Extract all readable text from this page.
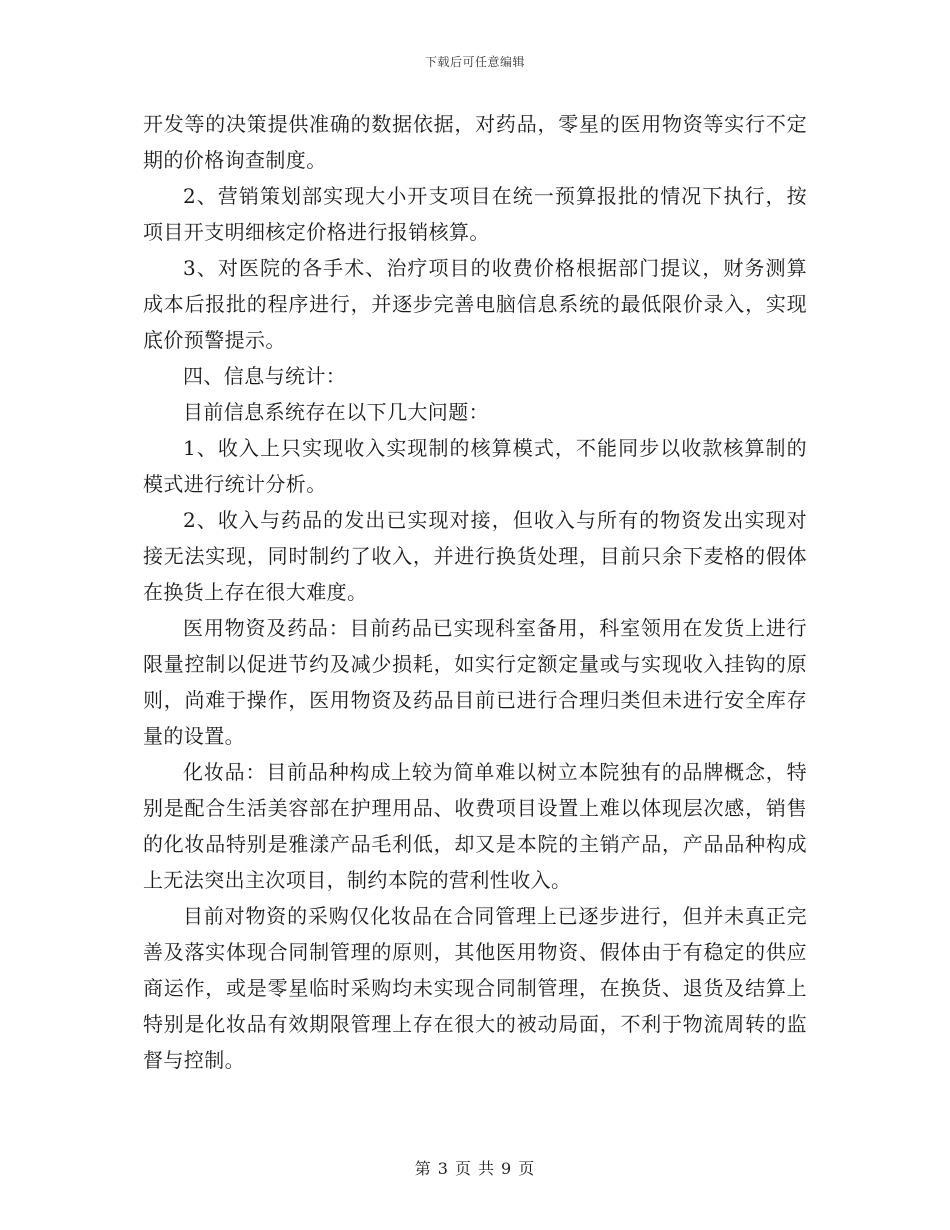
下载后可任意编辑

开发等的决策提供准确的数据依据，对药品，零星的医用物资等实行不定期的价格询查制度。

2、营销策划部实现大小开支项目在统一预算报批的情况下执行，按项目开支明细核定价格进行报销核算。

3、对医院的各手术、治疗项目的收费价格根据部门提议，财务测算成本后报批的程序进行，并逐步完善电脑信息系统的最低限价录入，实现底价预警提示。

四、信息与统计：

目前信息系统存在以下几大问题：

1、收入上只实现收入实现制的核算模式，不能同步以收款核算制的模式进行统计分析。

2、收入与药品的发出已实现对接，但收入与所有的物资发出实现对接无法实现，同时制约了收入，并进行换货处理，目前只余下麦格的假体在换货上存在很大难度。

医用物资及药品：目前药品已实现科室备用，科室领用在发货上进行限量控制以促进节约及减少损耗，如实行定额定量或与实现收入挂钩的原则，尚难于操作，医用物资及药品目前已进行合理归类但未进行安全库存量的设置。

化妆品：目前品种构成上较为简单难以树立本院独有的品牌概念，特别是配合生活美容部在护理用品、收费项目设置上难以体现层次感，销售的化妆品特别是雅漾产品毛利低，却又是本院的主销产品，产品品种构成上无法突出主次项目，制约本院的营利性收入。

目前对物资的采购仅化妆品在合同管理上已逐步进行，但并未真正完善及落实体现合同制管理的原则，其他医用物资、假体由于有稳定的供应商运作，或是零星临时采购均未实现合同制管理，在换货、退货及结算上特别是化妆品有效期限管理上存在很大的被动局面，不利于物流周转的监督与控制。

第 3 页 共 9 页
